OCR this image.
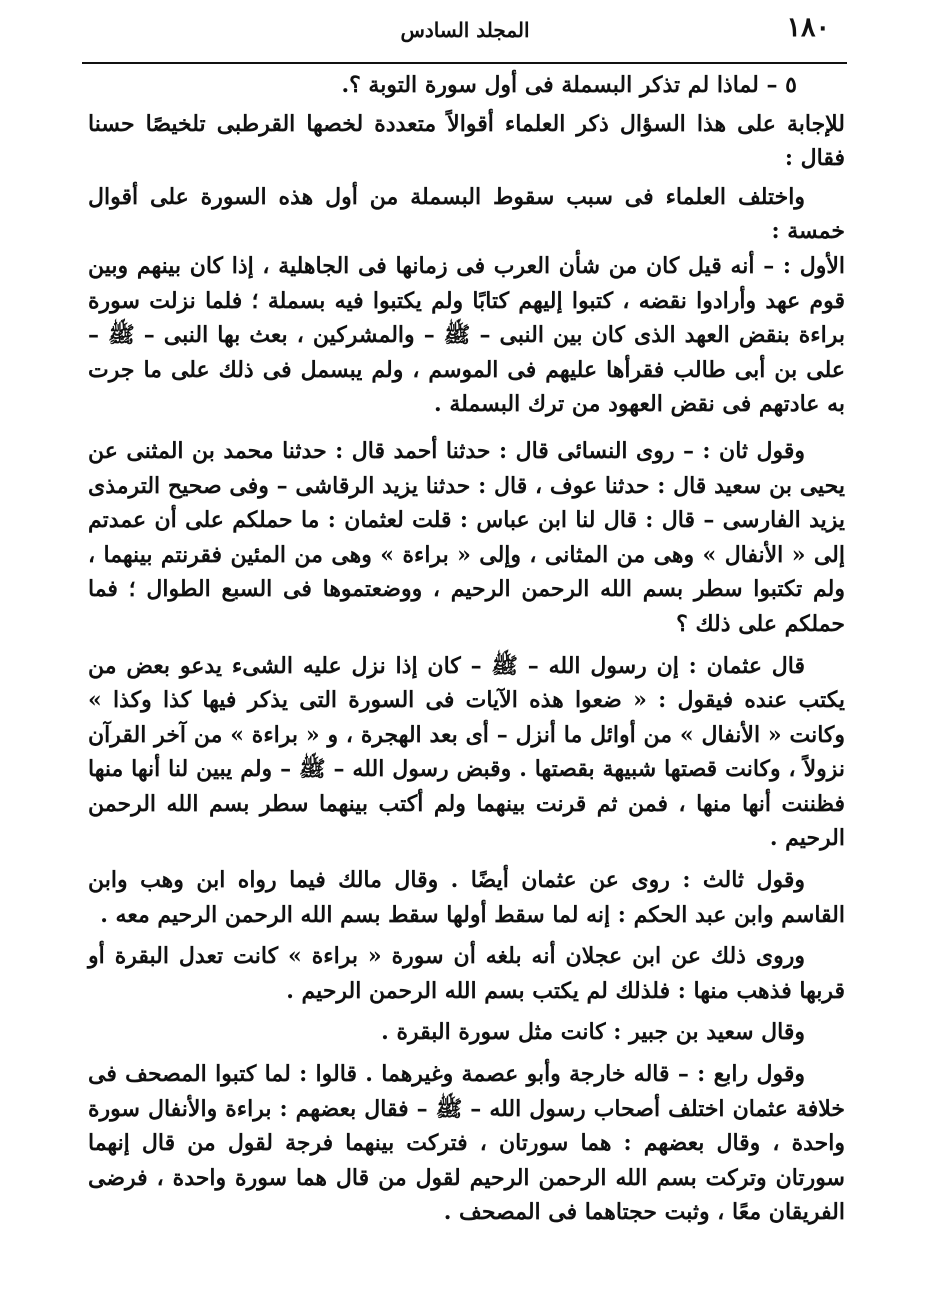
١٨٠
المجلد السادس

٥ – لماذا لم تذكر البسملة فى أول سورة التوبة ؟.

للإجابة على هذا السؤال ذكر العلماء أقوالاً متعددة لخصها القرطبى تلخيصًا حسنا فقال :

واختلف العلماء فى سبب سقوط البسملة من أول هذه السورة على أقوال خمسة :

الأول : – أنه قيل كان من شأن العرب فى زمانها فى الجاهلية ، إذا كان بينهم وبين قوم عهد وأرادوا نقضه ، كتبوا إليهم كتابًا ولم يكتبوا فيه بسملة ؛ فلما نزلت سورة براءة بنقض العهد الذى كان بين النبى – ﷺ – والمشركين ، بعث بها النبى – ﷺ – على بن أبى طالب فقرأها عليهم فى الموسم ، ولم يبسمل فى ذلك على ما جرت به عادتهم فى نقض العهود من ترك البسملة .

وقول ثان : – روى النسائى قال : حدثنا أحمد قال : حدثنا محمد بن المثنى عن يحيى بن سعيد قال : حدثنا عوف ، قال : حدثنا يزيد الرقاشى – وفى صحيح الترمذى يزيد الفارسى – قال : قال لنا ابن عباس : قلت لعثمان : ما حملكم على أن عمدتم إلى « الأنفال » وهى من المثانى ، وإلى « براءة » وهى من المئين فقرنتم بينهما ، ولم تكتبوا سطر بسم الله الرحمن الرحيم ، ووضعتموها فى السبع الطوال ؛ فما حملكم على ذلك ؟

قال عثمان : إن رسول الله – ﷺ – كان إذا نزل عليه الشىء يدعو بعض من يكتب عنده فيقول : « ضعوا هذه الآيات فى السورة التى يذكر فيها كذا وكذا » وكانت « الأنفال » من أوائل ما أنزل – أى بعد الهجرة ، و « براءة » من آخر القرآن نزولاً ، وكانت قصتها شبيهة بقصتها . وقبض رسول الله – ﷺ – ولم يبين لنا أنها منها فظننت أنها منها ، فمن ثم قرنت بينهما ولم أكتب بينهما سطر بسم الله الرحمن الرحيم .

وقول ثالث : روى عن عثمان أيضًا . وقال مالك فيما رواه ابن وهب وابن القاسم وابن عبد الحكم : إنه لما سقط أولها سقط بسم الله الرحمن الرحيم معه .

وروى ذلك عن ابن عجلان أنه بلغه أن سورة « براءة » كانت تعدل البقرة أو قربها فذهب منها : فلذلك لم يكتب بسم الله الرحمن الرحيم .

وقال سعيد بن جبير : كانت مثل سورة البقرة .

وقول رابع : – قاله خارجة وأبو عصمة وغيرهما . قالوا : لما كتبوا المصحف فى خلافة عثمان اختلف أصحاب رسول الله – ﷺ – فقال بعضهم : براءة والأنفال سورة واحدة ، وقال بعضهم : هما سورتان ، فتركت بينهما فرجة لقول من قال إنهما سورتان وتركت بسم الله الرحمن الرحيم لقول من قال هما سورة واحدة ، فرضى الفريقان معًا ، وثبت حجتاهما فى المصحف .
